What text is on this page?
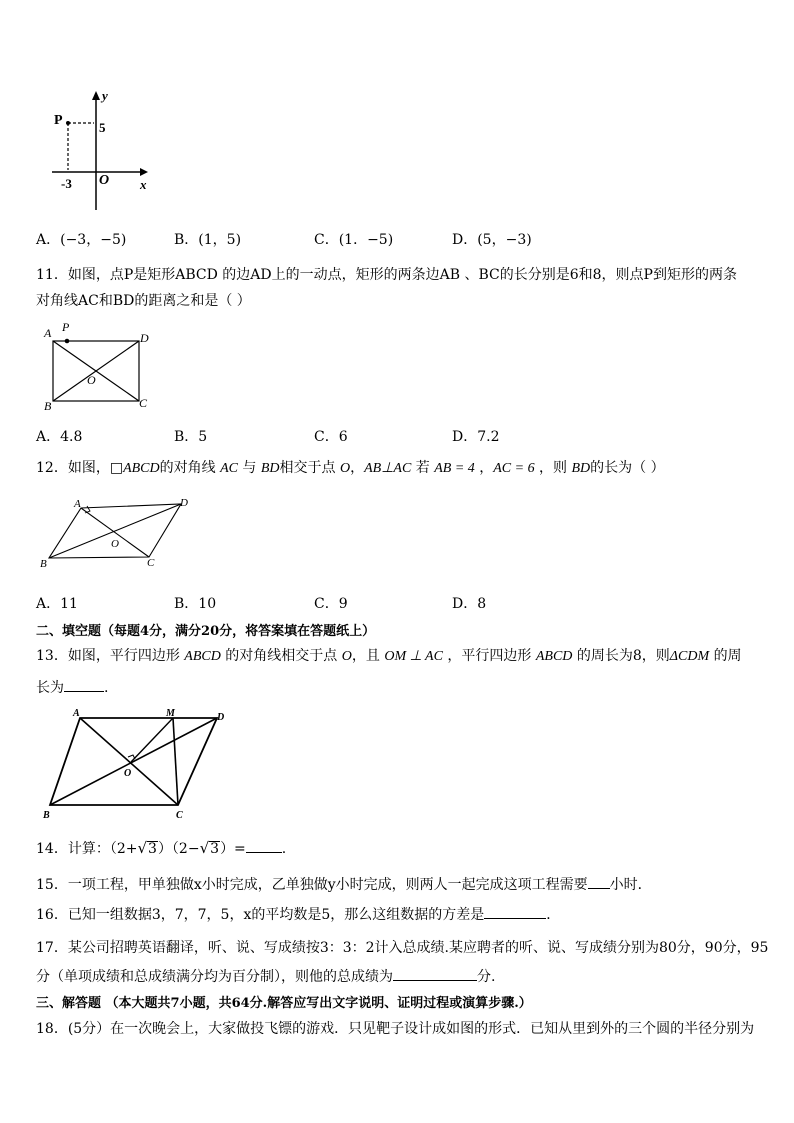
y
x
P	5
-3 O
A．(−3，−5)	B．(1，5)	C．(1．−5)	D．(5，−3)
11．如图，点P是矩形ABCD 的边AD上的一动点，矩形的两条边AB 、BC的长分别是6和8，则点P到矩形的两条
对角线AC和BD的距离之和是（ ）
A P
D
O
B	C
A．4.8	B．5	C．6	D．7.2
12．如图，□ABCD的对角线 AC 与 BD相交于点 O，AB⊥AC 若 AB = 4 ，AC = 6 ，则 BD的长为（ ）
A	D
O
B	C
A．11	B．10	C．9	D．8
二、填空题（每题4分，满分20分，将答案填在答题纸上）
13．如图，平行四边形 ABCD 的对角线相交于点 O，且 OM ⊥ AC ，平行四边形 ABCD 的周长为8，则ΔCDM 的周
长为	.
A	M	D
O
B	C
14．计算：（2+√3）（2−√3）=	.
15．一项工程，甲单独做x小时完成，乙单独做y小时完成，则两人一起完成这项工程需要 小时．
16．已知一组数据3，7，7，5，x的平均数是5，那么这组数据的方差是	．
17．某公司招聘英语翻译，听、说、写成绩按3：3：2计入总成绩.某应聘者的听、说、写成绩分别为80分，90分，95
分（单项成绩和总成绩满分均为百分制），则他的总成绩为	分.
三、解答题 （本大题共7小题，共64分.解答应写出文字说明、证明过程或演算步骤.）
18．(5分）在一次晚会上，大家做投飞镖的游戏．只见靶子设计成如图的形式．已知从里到外的三个圆的半径分别为
